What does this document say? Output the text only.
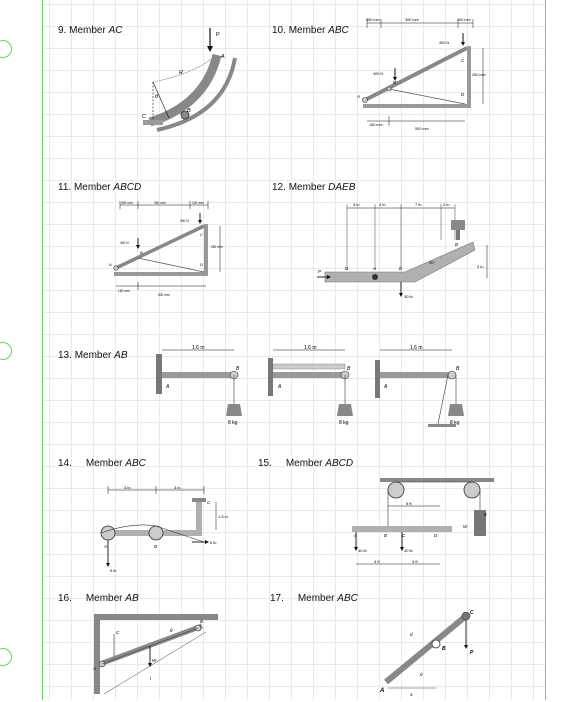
9. Member AC	10. Member ABC
11. Member ABCD	12. Member DAEB
13. Member AB
14. Member ABC	15. Member ABCD
16. Member AB	17. Member ABC
P
A
R
θ
B
C
300 mm	300 mm	100 mm
400 N
400 N
A
B
C
D
250 mm
150 mm
500 mm
300 mm	300 mm	100 mm
400 N
400 N
A
B
C
D
250 mm
150 mm
500 mm
4 in.	4 in.	7 in.	2 in.
P
D	A	E
30 lb
B
30°
3 in.
1.6 m
8 kg
A
B
1.6 m
8 kg
A
B
1.6 m
8 kg
A
B
3 in.	3 in.
5 lb
5 lb
A	B
C
1.5 in.
W
E
5 ft
A	B	C	D
40 lb	40 lb
4 ft	4 ft
W
A
B
C	θ
l
C
B
P
A
θ
d
a
